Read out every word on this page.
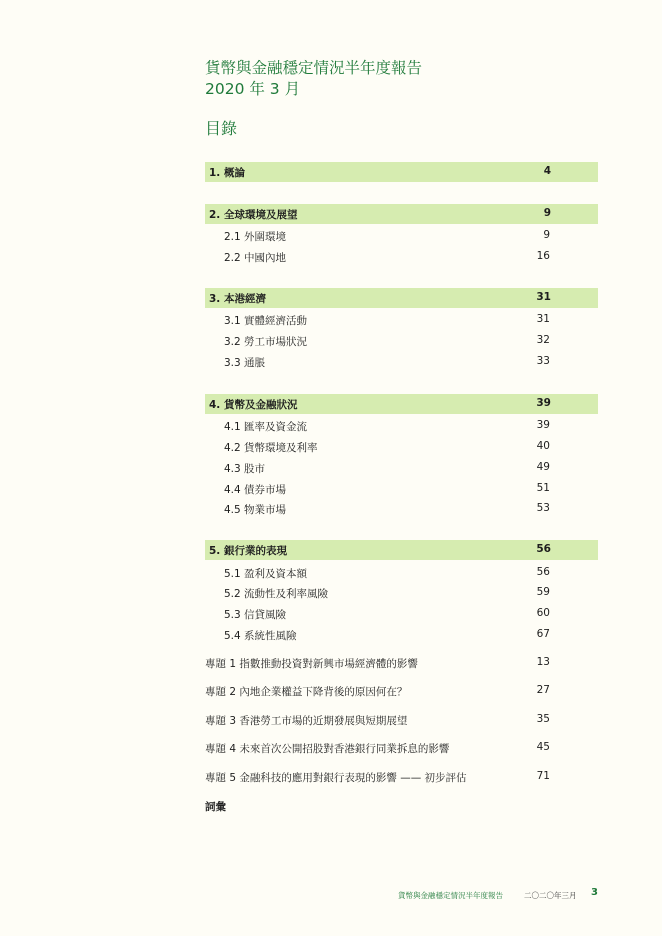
貨幣與金融穩定情況半年度報告
2020 年 3 月
目錄
1. 概論	4
2. 全球環境及展望	9
2.1 外圍環境	9
2.2 中國內地	16
3. 本港經濟	31
3.1 實體經濟活動	31
3.2 勞工市場狀況	32
3.3 通脹	33
4. 貨幣及金融狀況	39
4.1 匯率及資金流	39
4.2 貨幣環境及利率	40
4.3 股市	49
4.4 債券市場	51
4.5 物業市場	53
5. 銀行業的表現	56
5.1 盈利及資本額	56
5.2 流動性及利率風險	59
5.3 信貸風險	60
5.4 系統性風險	67
專題 1 指數推動投資對新興市場經濟體的影響	13
專題 2 內地企業權益下降背後的原因何在？	27
專題 3 香港勞工市場的近期發展與短期展望	35
專題 4 未來首次公開招股對香港銀行同業拆息的影響	45
專題 5 金融科技的應用對銀行表現的影響 —— 初步評估	71
詞彙
貨幣與金融穩定情況半年度報告	二〇二〇年三月 3
